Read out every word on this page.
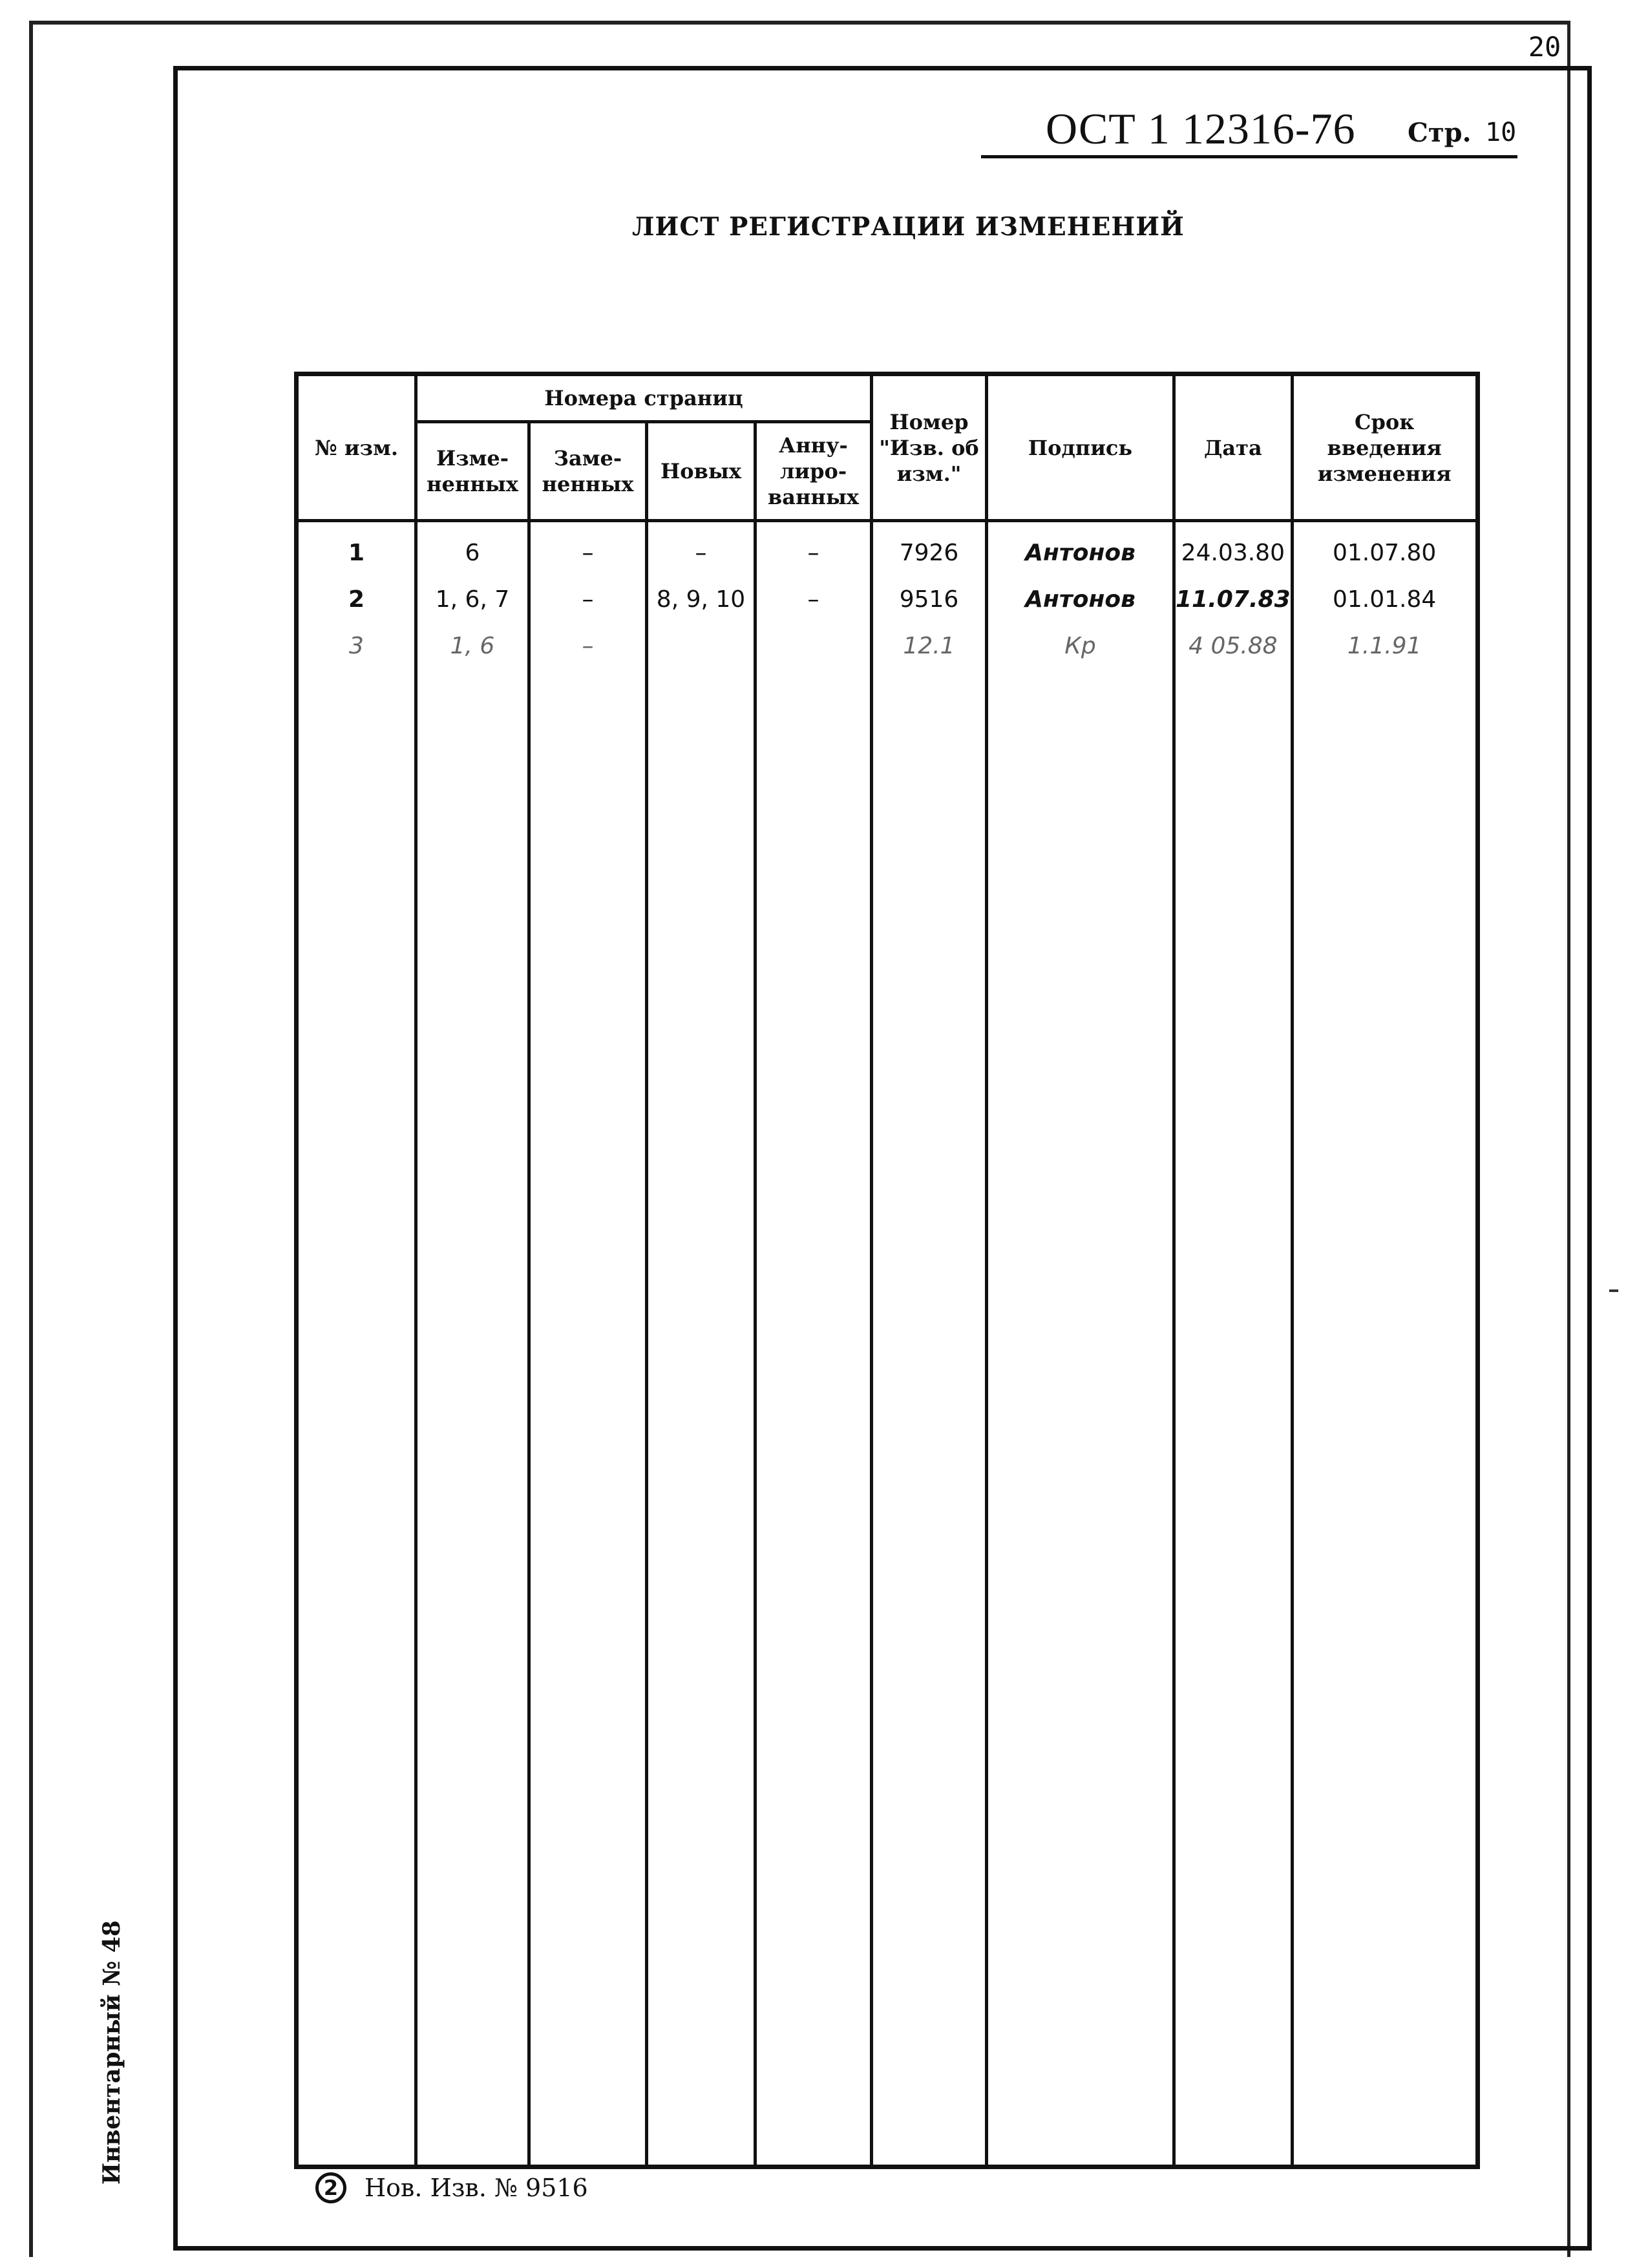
20
ОСТ 1 12316-76 Стр. 10
ЛИСТ РЕГИСТРАЦИИ ИЗМЕНЕНИЙ
№ изм.	Номера страниц				Номер "Изв. об изм."	Подпись	Дата	Срок введения изменения
	Изме-ненных	Заме-ненных	Новых	Анну-лиро-ванных				
1	6	–	–	–	7926	Антонов	24.03.80	01.07.80
2	1, 6, 7	–	8, 9, 10	–	9516	Антонов	11.07.83	01.01.84
3	1, 6	–			12.1	Кр	4 05.88	1.1.91

2	Нов. Изв. № 9516
Инвентарный № 48
